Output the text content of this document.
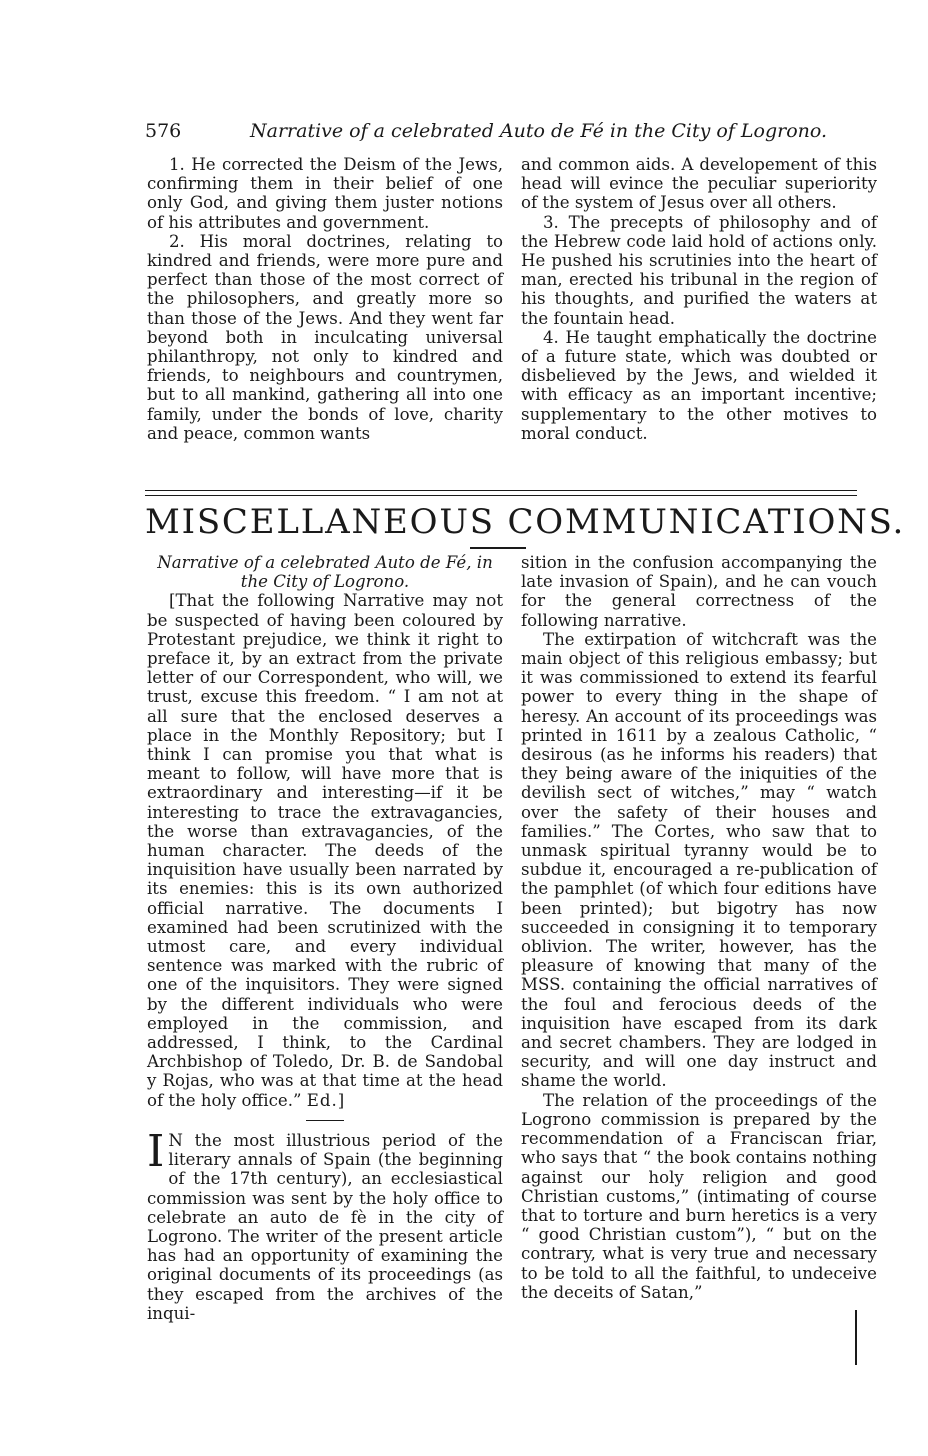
576	Narrative of a celebrated Auto de Fé in the City of Logrono.

1. He corrected the Deism of the Jews, confirming them in their belief of one only God, and giving them juster notions of his attributes and government.

2. His moral doctrines, relating to kindred and friends, were more pure and perfect than those of the most correct of the philosophers, and greatly more so than those of the Jews. And they went far beyond both in inculcating universal philanthropy, not only to kindred and friends, to neighbours and countrymen, but to all mankind, gathering all into one family, under the bonds of love, charity and peace, common wants

and common aids. A developement of this head will evince the peculiar superiority of the system of Jesus over all others.

3. The precepts of philosophy and of the Hebrew code laid hold of actions only. He pushed his scrutinies into the heart of man, erected his tribunal in the region of his thoughts, and purified the waters at the fountain head.

4. He taught emphatically the doctrine of a future state, which was doubted or disbelieved by the Jews, and wielded it with efficacy as an important incentive; supplementary to the other motives to moral conduct.

MISCELLANEOUS COMMUNICATIONS.

Narrative of a celebrated Auto de Fé, in the City of Logrono.

[That the following Narrative may not be suspected of having been coloured by Protestant prejudice, we think it right to preface it, by an extract from the private letter of our Correspondent, who will, we trust, excuse this freedom. “ I am not at all sure that the enclosed deserves a place in the Monthly Repository; but I think I can promise you that what is meant to follow, will have more that is extraordinary and interesting—if it be interesting to trace the extravagancies, the worse than extravagancies, of the human character. The deeds of the inquisition have usually been narrated by its enemies: this is its own authorized official narrative. The documents I examined had been scrutinized with the utmost care, and every individual sentence was marked with the rubric of one of the inquisitors. They were signed by the different individuals who were employed in the commission, and addressed, I think, to the Cardinal Archbishop of Toledo, Dr. B. de Sandobal y Rojas, who was at that time at the head of the holy office.” Ed.]

I N the most illustrious period of the literary annals of Spain (the beginning of the 17th century), an ecclesiastical commission was sent by the holy office to celebrate an auto de fè in the city of Logrono. The writer of the present article has had an opportunity of examining the original documents of its proceedings (as they escaped from the archives of the inqui-

sition in the confusion accompanying the late invasion of Spain), and he can vouch for the general correctness of the following narrative.

The extirpation of witchcraft was the main object of this religious embassy; but it was commissioned to extend its fearful power to every thing in the shape of heresy. An account of its proceedings was printed in 1611 by a zealous Catholic, “ desirous (as he informs his readers) that they being aware of the iniquities of the devilish sect of witches,” may “ watch over the safety of their houses and families.” The Cortes, who saw that to unmask spiritual tyranny would be to subdue it, encouraged a re-publication of the pamphlet (of which four editions have been printed); but bigotry has now succeeded in consigning it to temporary oblivion. The writer, however, has the pleasure of knowing that many of the MSS. containing the official narratives of the foul and ferocious deeds of the inquisition have escaped from its dark and secret chambers. They are lodged in security, and will one day instruct and shame the world.

The relation of the proceedings of the Logrono commission is prepared by the recommendation of a Franciscan friar, who says that “ the book contains nothing against our holy religion and good Christian customs,” (intimating of course that to torture and burn heretics is a very “ good Christian custom”), “ but on the contrary, what is very true and necessary to be told to all the faithful, to undeceive the deceits of Satan,”
